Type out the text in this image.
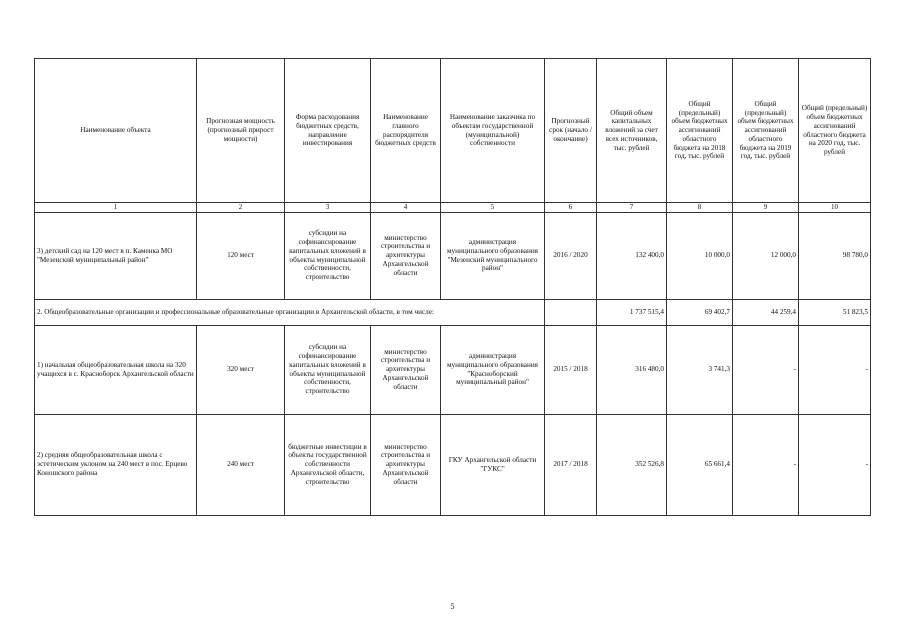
Наименование объекта	Прогнозная мощность (прогнозный прирост мощности)	Форма расходования бюджетных средств, направление инвестирования	Наименование главного распорядителя бюджетных средств	Наименование заказчика по объектам государственной (муниципальной) собственности	Прогнозный срок (начало / окончание)	Общий объем капитальных вложений за счет всех источников, тыс. рублей	Общий (предельный) объем бюджетных ассигнований областного бюджета на 2018 год, тыс. рублей	Общий (предельный) объем бюджетных ассигнований областного бюджета на 2019 год, тыс. рублей	Общий (предельный) объем бюджетных ассигнований областного бюджета на 2020 год, тыс. рублей
1	2	3	4	5	6	7	8	9	10
3) детский сад на 120 мест в п. Каменка МО "Мезенский муниципальный район"	120 мест	субсидии на софинансирование капитальных вложений в объекты муниципальной собственности, строительство	министерство строительства и архитектуры Архангельской области	администрация муниципального образования "Мезенский муниципального район"	2016 / 2020	132 400,0	10 000,0	12 000,0	98 780,0
2. Общеобразовательные организации и профессиональные образовательные организации в Архангельской области, в том числе:						1 737 515,4	69 402,7	44 259,4	51 823,5
1) начальная общеобразовательная школа на 320 учащихся в с. Красноборск Архангельской области	320 мест	субсидии на софинансирование капитальных вложений в объекты муниципальной собственности, строительство	министерство строительства и архитектуры Архангельской области	администрация муниципального образования "Красноборский муниципальный район"	2015 / 2018	316 480,0	3 741,3	-	-
2) средняя общеобразовательная школа с эстетическим уклоном на 240 мест в пос. Ерцево Коношского района	240 мест	бюджетные инвестиции в объекты государственной собственности Архангельской области, строительство	министерство строительства и архитектуры Архангельской области	ГКУ Архангельской области "ГУКС"	2017 / 2018	352 526,8	65 661,4	-	-
5
